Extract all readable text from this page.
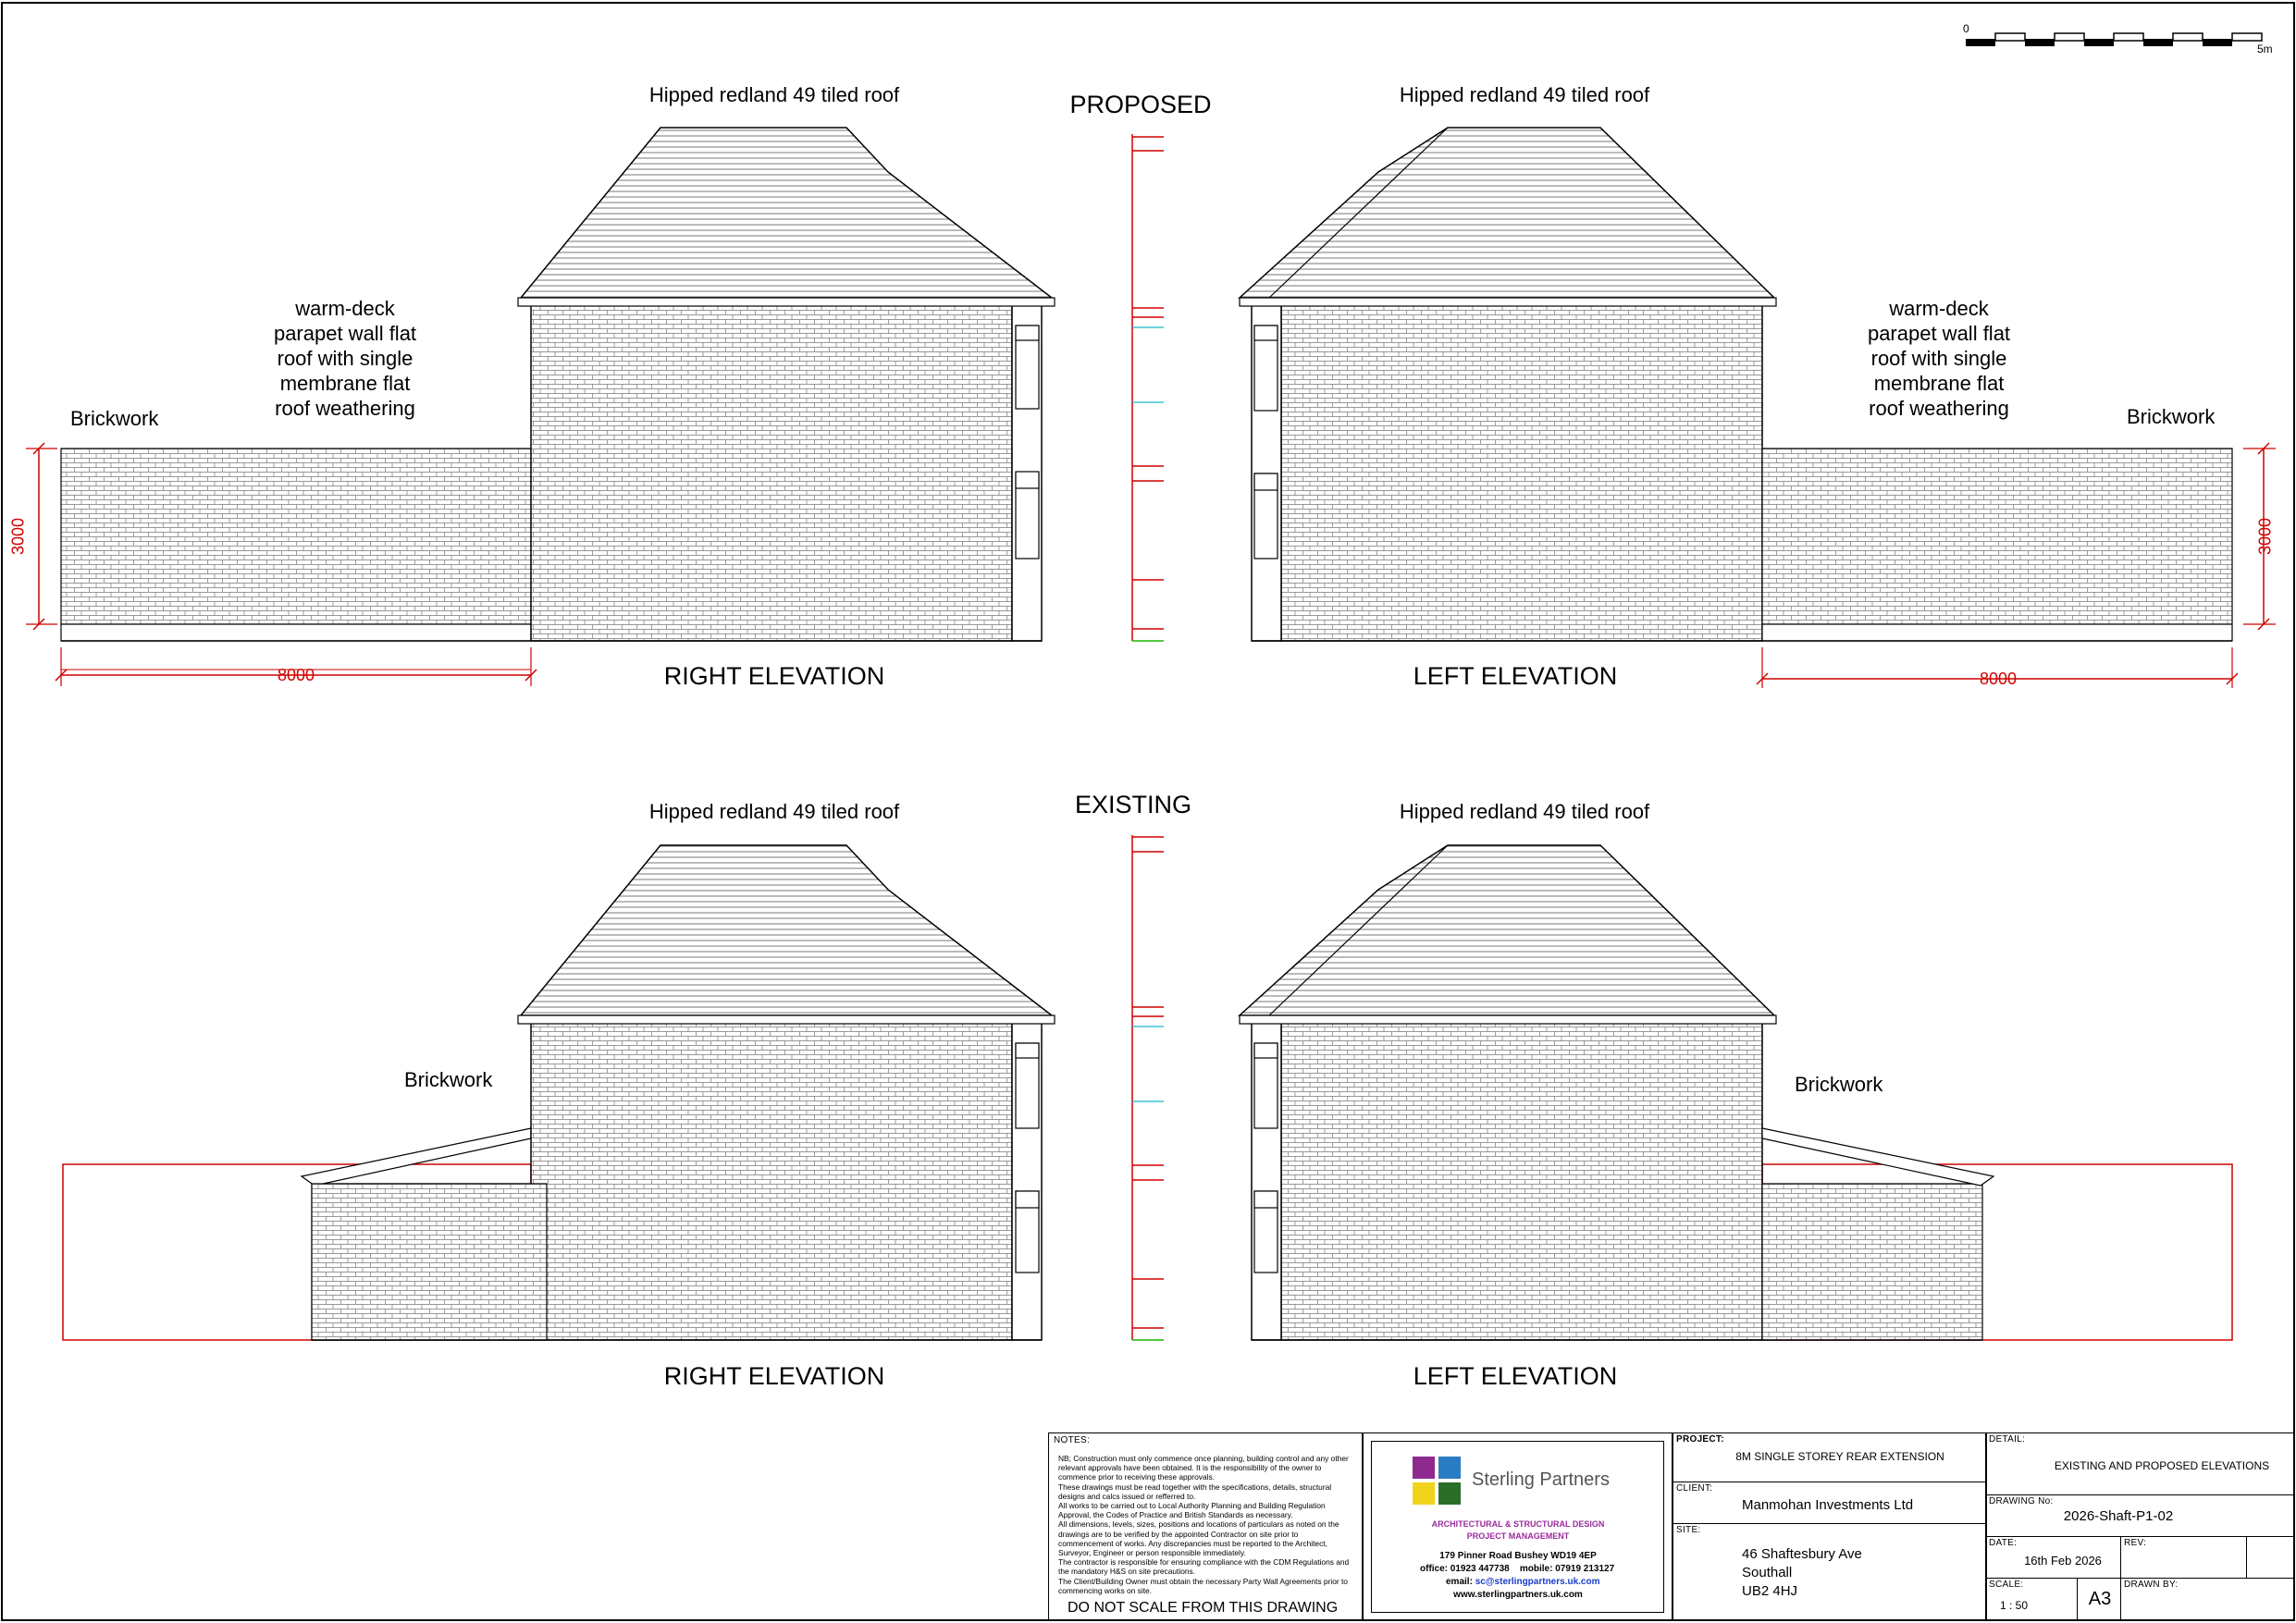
0
5m
PROPOSED
EXISTING
Hipped redland 49 tiled roof	Hipped redland 49 tiled roof
Hipped redland 49 tiled roof	Hipped redland 49 tiled roof
warm-deck
parapet wall flat
roof with single
membrane flat
roof weathering
warm-deck
parapet wall flat
roof with single
membrane flat
roof weathering
Brickwork	Brickwork
Brickwork	Brickwork
RIGHT ELEVATION	LEFT ELEVATION
RIGHT ELEVATION	LEFT ELEVATION
3000	3000
8000	8000
NOTES:
NB; Construction must only commence once planning, building control and any other relevant approvals have been obtained. It is the responsibility of the owner to commence prior to receiving these approvals.
These drawings must be read together with the specifications, details, structural designs and calcs issued or refferred to.
All works to be carried out to Local Authority Planning and Building Regulation Approval, the Codes of Practice and British Standards as necessary.
All dimensions, levels, sizes, positions and locations of particulars as noted on the drawings are to be verified by the appointed Contractor on site prior to commencement of works. Any discrepancies must be reported to the Architect, Surveyor, Engineer or person responsible immediately.
The contractor is responsible for ensuring compliance with the CDM Regulations and the mandatory H&S on site precautions.
The Client/Building Owner must obtain the necessary Party Wall Agreements prior to commencing works on site.
DO NOT SCALE FROM THIS DRAWING
Sterling Partners
ARCHITECTURAL & STRUCTURAL DESIGN
PROJECT MANAGEMENT
179 Pinner Road Bushey WD19 4EP
office: 01923 447738 mobile: 07919 213127
email: sc@sterlingpartners.uk.com
www.sterlingpartners.uk.com
PROJECT:
8M SINGLE STOREY REAR EXTENSION
CLIENT:
Manmohan Investments Ltd
SITE:
46 Shaftesbury Ave
Southall
UB2 4HJ
DETAIL:
EXISTING AND PROPOSED ELEVATIONS
DRAWING No:
2026-Shaft-P1-02
DATE:
16th Feb 2026
REV:
SCALE:
1 : 50	A3
DRAWN BY:
